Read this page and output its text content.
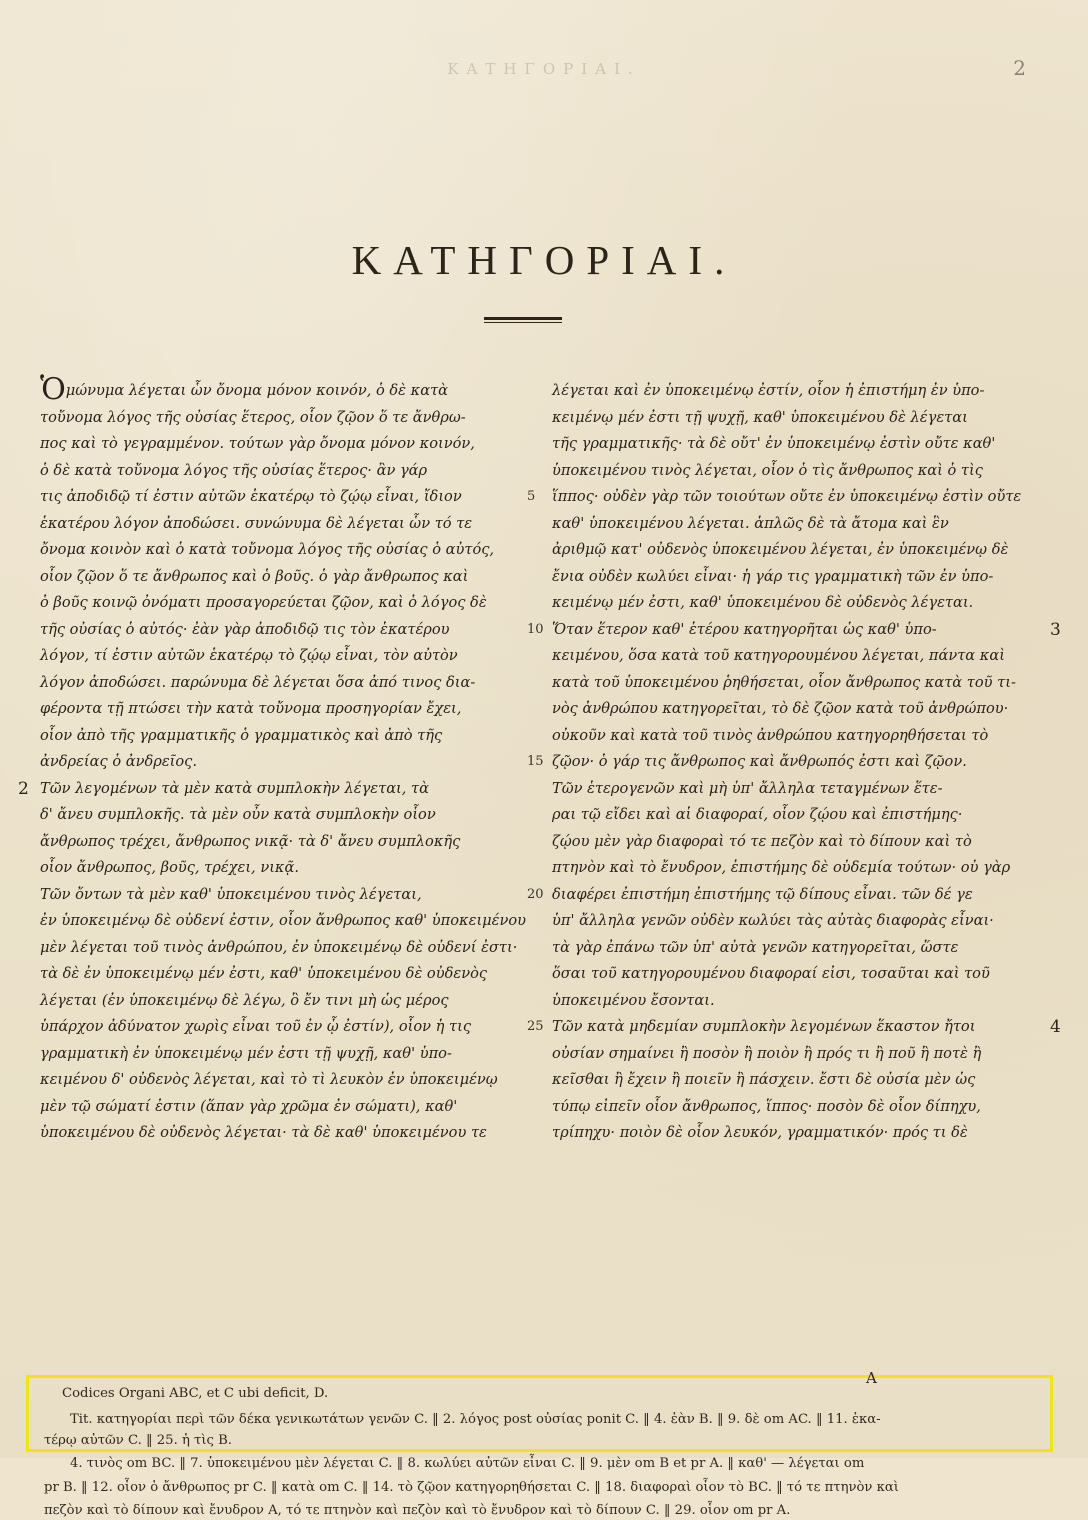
ΚΑΤΗΓΟΡΙΑΙ.	2
ΚΑΤΗΓΟΡΙΑΙ.
Ὁμώνυμα λέγεται ὧν ὄνομα μόνον κοινόν, ὁ δὲ κατὰ
τοὔνομα λόγος τῆς οὐσίας ἕτερος, οἷον ζῷον ὅ τε ἄνθρω-
πος καὶ τὸ γεγραμμένον. τούτων γὰρ ὄνομα μόνον κοινόν,
ὁ δὲ κατὰ τοὔνομα λόγος τῆς οὐσίας ἕτερος· ἂν γάρ
τις ἀποδιδῷ τί ἐστιν αὐτῶν ἑκατέρῳ τὸ ζῴῳ εἶναι, ἴδιον	5
ἑκατέρου λόγον ἀποδώσει. συνώνυμα δὲ λέγεται ὧν τό τε
ὄνομα κοινὸν καὶ ὁ κατὰ τοὔνομα λόγος τῆς οὐσίας ὁ αὐτός,
οἷον ζῷον ὅ τε ἄνθρωπος καὶ ὁ βοῦς. ὁ γὰρ ἄνθρωπος καὶ
ὁ βοῦς κοινῷ ὀνόματι προσαγορεύεται ζῷον, καὶ ὁ λόγος δὲ
τῆς οὐσίας ὁ αὐτός· ἐὰν γὰρ ἀποδιδῷ τις τὸν ἑκατέρου	10
λόγον, τί ἐστιν αὐτῶν ἑκατέρῳ τὸ ζῴῳ εἶναι, τὸν αὐτὸν
λόγον ἀποδώσει. παρώνυμα δὲ λέγεται ὅσα ἀπό τινος δια-
φέροντα τῇ πτώσει τὴν κατὰ τοὔνομα προσηγορίαν ἔχει,
οἷον ἀπὸ τῆς γραμματικῆς ὁ γραμματικὸς καὶ ἀπὸ τῆς
ἀνδρείας ὁ ἀνδρεῖος.	15
Τῶν λεγομένων τὰ μὲν κατὰ συμπλοκὴν λέγεται, τὰ
2
δ' ἄνευ συμπλοκῆς. τὰ μὲν οὖν κατὰ συμπλοκὴν οἷον
ἄνθρωπος τρέχει, ἄνθρωπος νικᾷ· τὰ δ' ἄνευ συμπλοκῆς
οἷον ἄνθρωπος, βοῦς, τρέχει, νικᾷ.
Τῶν ὄντων τὰ μὲν καθ' ὑποκειμένου τινὸς λέγεται,	20
ἐν ὑποκειμένῳ δὲ οὐδενί ἐστιν, οἷον ἄνθρωπος καθ' ὑποκειμένου
μὲν λέγεται τοῦ τινὸς ἀνθρώπου, ἐν ὑποκειμένῳ δὲ οὐδενί ἐστι·
τὰ δὲ ἐν ὑποκειμένῳ μέν ἐστι, καθ' ὑποκειμένου δὲ οὐδενὸς
λέγεται (ἐν ὑποκειμένῳ δὲ λέγω, ὃ ἔν τινι μὴ ὡς μέρος
ὑπάρχον ἀδύνατον χωρὶς εἶναι τοῦ ἐν ᾧ ἐστίν), οἷον ἡ τις	25
γραμματικὴ ἐν ὑποκειμένῳ μέν ἐστι τῇ ψυχῇ, καθ' ὑπο-
κειμένου δ' οὐδενὸς λέγεται, καὶ τὸ τὶ λευκὸν ἐν ὑποκειμένῳ
μὲν τῷ σώματί ἐστιν (ἅπαν γὰρ χρῶμα ἐν σώματι), καθ'
ὑποκειμένου δὲ οὐδενὸς λέγεται· τὰ δὲ καθ' ὑποκειμένου τε
λέγεται καὶ ἐν ὑποκειμένῳ ἐστίν, οἷον ἡ ἐπιστήμη ἐν ὑπο-
κειμένῳ μέν ἐστι τῇ ψυχῇ, καθ' ὑποκειμένου δὲ λέγεται
τῆς γραμματικῆς· τὰ δὲ οὔτ' ἐν ὑποκειμένῳ ἐστὶν οὔτε καθ'
ὑποκειμένου τινὸς λέγεται, οἷον ὁ τὶς ἄνθρωπος καὶ ὁ τὶς
ἵππος· οὐδὲν γὰρ τῶν τοιούτων οὔτε ἐν ὑποκειμένῳ ἐστὶν οὔτε
καθ' ὑποκειμένου λέγεται. ἁπλῶς δὲ τὰ ἄτομα καὶ ἓν
ἀριθμῷ κατ' οὐδενὸς ὑποκειμένου λέγεται, ἐν ὑποκειμένῳ δὲ
ἔνια οὐδὲν κωλύει εἶναι· ἡ γάρ τις γραμματικὴ τῶν ἐν ὑπο-
κειμένῳ μέν ἐστι, καθ' ὑποκειμένου δὲ οὐδενὸς λέγεται.
Ὅταν ἕτερον καθ' ἑτέρου κατηγορῆται ὡς καθ' ὑπο-	3
κειμένου, ὅσα κατὰ τοῦ κατηγορουμένου λέγεται, πάντα καὶ
κατὰ τοῦ ὑποκειμένου ῥηθήσεται, οἷον ἄνθρωπος κατὰ τοῦ τι-
νὸς ἀνθρώπου κατηγορεῖται, τὸ δὲ ζῷον κατὰ τοῦ ἀνθρώπου·
οὐκοῦν καὶ κατὰ τοῦ τινὸς ἀνθρώπου κατηγορηθήσεται τὸ
ζῷον· ὁ γάρ τις ἄνθρωπος καὶ ἄνθρωπός ἐστι καὶ ζῷον.
Τῶν ἑτερογενῶν καὶ μὴ ὑπ' ἄλληλα τεταγμένων ἕτε-
ραι τῷ εἴδει καὶ αἱ διαφοραί, οἷον ζῴου καὶ ἐπιστήμης·
ζῴου μὲν γὰρ διαφοραὶ τό τε πεζὸν καὶ τὸ δίπουν καὶ τὸ
πτηνὸν καὶ τὸ ἔνυδρον, ἐπιστήμης δὲ οὐδεμία τούτων· οὐ γὰρ
διαφέρει ἐπιστήμη ἐπιστήμης τῷ δίπους εἶναι. τῶν δέ γε
ὑπ' ἄλληλα γενῶν οὐδὲν κωλύει τὰς αὐτὰς διαφορὰς εἶναι·
τὰ γὰρ ἐπάνω τῶν ὑπ' αὐτὰ γενῶν κατηγορεῖται, ὥστε
ὅσαι τοῦ κατηγορουμένου διαφοραί εἰσι, τοσαῦται καὶ τοῦ
ὑποκειμένου ἔσονται.
Τῶν κατὰ μηδεμίαν συμπλοκὴν λεγομένων ἕκαστον ἤτοι	4
οὐσίαν σημαίνει ἢ ποσὸν ἢ ποιὸν ἢ πρός τι ἢ ποῦ ἢ ποτὲ ἢ
κεῖσθαι ἢ ἔχειν ἢ ποιεῖν ἢ πάσχειν. ἔστι δὲ οὐσία μὲν ὡς
τύπῳ εἰπεῖν οἷον ἄνθρωπος, ἵππος· ποσὸν δὲ οἷον δίπηχυ,
τρίπηχυ· ποιὸν δὲ οἷον λευκόν, γραμματικόν· πρός τι δὲ
Codices Organi ABC, et C ubi deficit, D.
Tit. κατηγορίαι περὶ τῶν δέκα γενικωτάτων γενῶν C. ‖ 2. λόγος post οὐσίας ponit C. ‖ 4. ἐὰν B. ‖ 9. δὲ om AC. ‖ 11. ἑκα-
τέρῳ αὐτῶν C. ‖ 25. ἡ τὶς B.
4. τινὸς om BC. ‖ 7. ὑποκειμένου μὲν λέγεται C. ‖ 8. κωλύει αὐτῶν εἶναι C. ‖ 9. μὲν om B et pr A. ‖ καθ' — λέγεται om
pr B. ‖ 12. οἷον ὁ ἄνθρωπος pr C. ‖ κατὰ om C. ‖ 14. τὸ ζῷον κατηγορηθήσεται C. ‖ 18. διαφοραὶ οἷον τὸ BC. ‖ τό τε πτηνὸν καὶ
πεζὸν καὶ τὸ δίπουν καὶ ἔνυδρον A, τό τε πτηνὸν καὶ πεζὸν καὶ τὸ ἔνυδρον καὶ τὸ δίπουν C. ‖ 29. οἷον om pr A.
A
